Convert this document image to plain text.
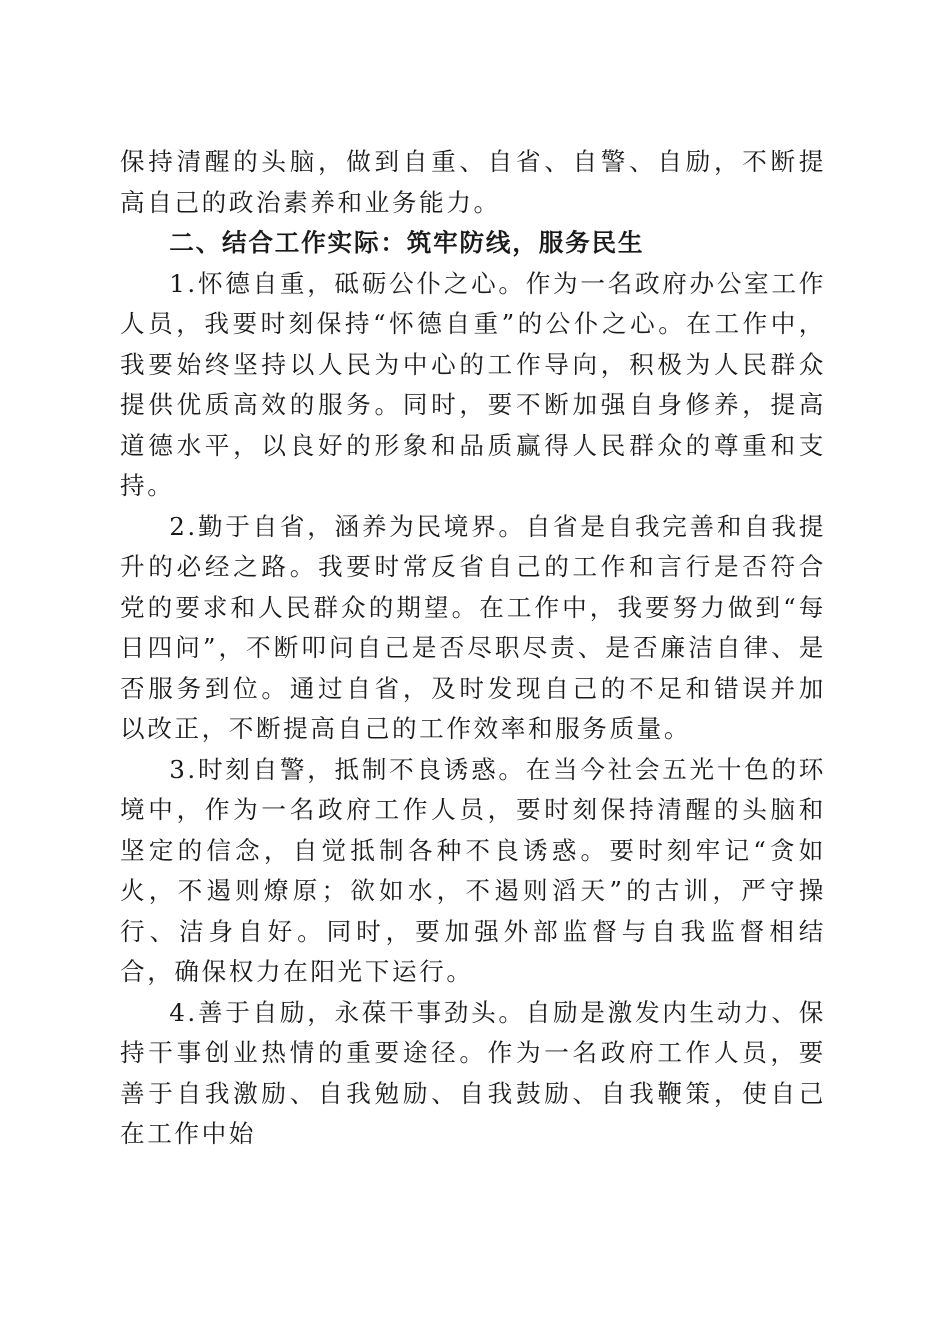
保持清醒的头脑，做到自重、自省、自警、自励，不断提高自己的政治素养和业务能力。

二、结合工作实际：筑牢防线，服务民生

1.怀德自重，砥砺公仆之心。作为一名政府办公室工作人员，我要时刻保持“怀德自重”的公仆之心。在工作中，我要始终坚持以人民为中心的工作导向，积极为人民群众提供优质高效的服务。同时，要不断加强自身修养，提高道德水平，以良好的形象和品质赢得人民群众的尊重和支持。

2.勤于自省，涵养为民境界。自省是自我完善和自我提升的必经之路。我要时常反省自己的工作和言行是否符合党的要求和人民群众的期望。在工作中，我要努力做到“每日四问”，不断叩问自己是否尽职尽责、是否廉洁自律、是否服务到位。通过自省，及时发现自己的不足和错误并加以改正，不断提高自己的工作效率和服务质量。

3.时刻自警，抵制不良诱惑。在当今社会五光十色的环境中，作为一名政府工作人员，要时刻保持清醒的头脑和坚定的信念，自觉抵制各种不良诱惑。要时刻牢记“贪如火，不遏则燎原；欲如水，不遏则滔天”的古训，严守操行、洁身自好。同时，要加强外部监督与自我监督相结合，确保权力在阳光下运行。

4.善于自励，永葆干事劲头。自励是激发内生动力、保持干事创业热情的重要途径。作为一名政府工作人员，要善于自我激励、自我勉励、自我鼓励、自我鞭策，使自己在工作中始
